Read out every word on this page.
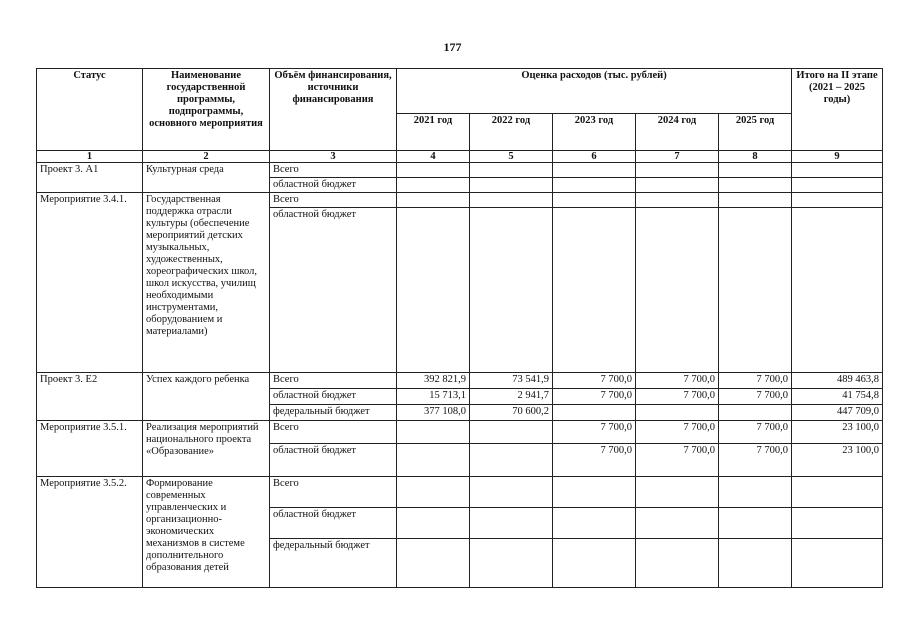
177
Статус	Наименование государственной программы, подпрограммы, основного мероприятия	Объём финансирования, источники финансирования	Оценка расходов (тыс. рублей)					Итого на II этапе (2021 – 2025 годы)
			2021 год	2022 год	2023 год	2024 год	2025 год	
1	2	3	4	5	6	7	8	9
Проект 3. А1	Культурная среда	Всего						
		областной бюджет						
Мероприятие 3.4.1.	Государственная поддержка отрасли культуры (обеспечение мероприятий детских музыкальных, художественных, хореографических школ, школ искусства, училищ необходимыми инструментами, оборудованием и материалами)	Всего						
		областной бюджет						
Проект 3. Е2	Успех каждого ребенка	Всего	392 821,9	73 541,9	7 700,0	7 700,0	7 700,0	489 463,8
		областной бюджет	15 713,1	2 941,7	7 700,0	7 700,0	7 700,0	41 754,8
		федеральный бюджет	377 108,0	70 600,2				447 709,0
Мероприятие 3.5.1.	Реализация мероприятий национального проекта «Образование»	Всего			7 700,0	7 700,0	7 700,0	23 100,0
		областной бюджет			7 700,0	7 700,0	7 700,0	23 100,0
Мероприятие 3.5.2.	Формирование современных управленческих и организационно-экономических механизмов в системе дополнительного образования детей	Всего						
		областной бюджет						
		федеральный бюджет						
